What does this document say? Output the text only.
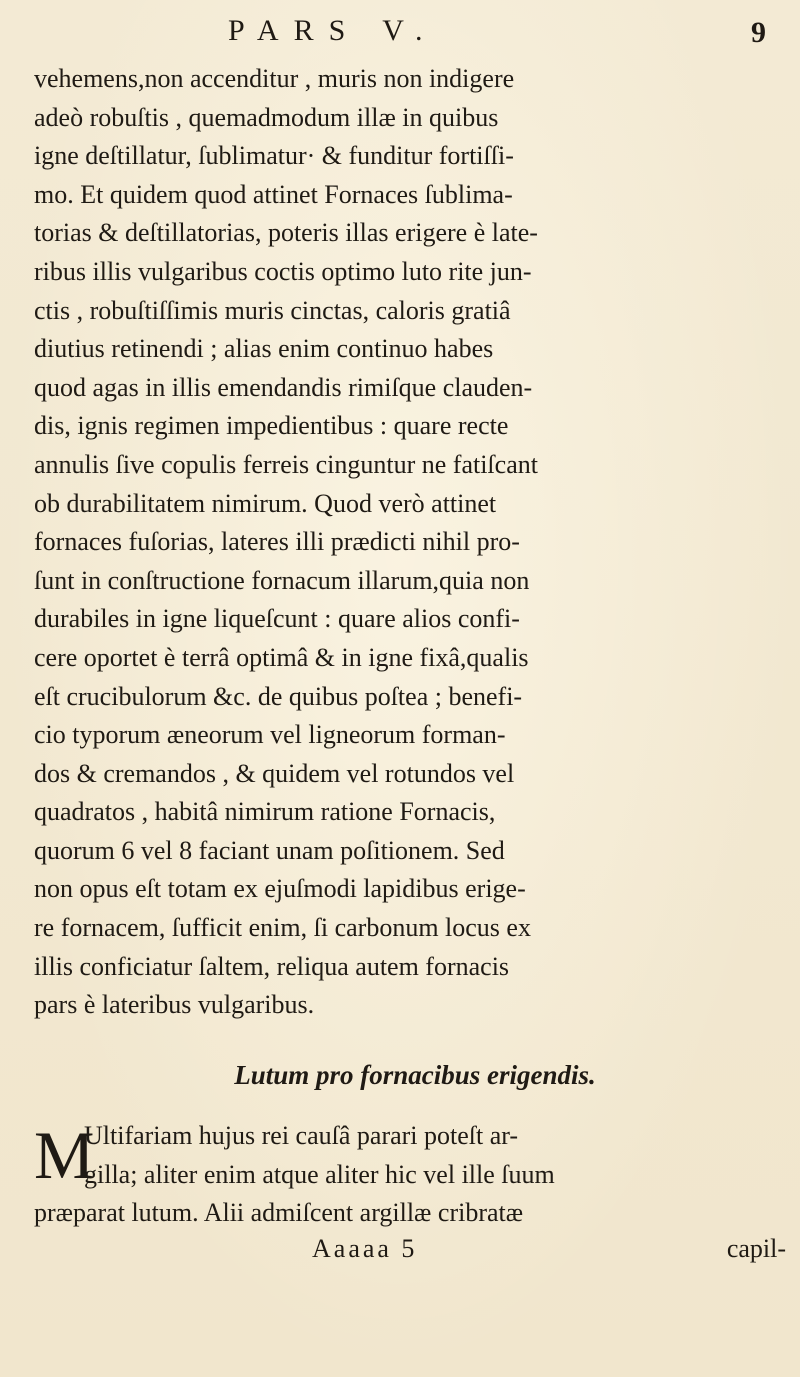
PARS V.	9
vehemens,non accenditur , muris non indigere
adeò robuſtis , quemadmodum illæ in quibus
igne deſtillatur, ſublimatur· & funditur fortiſſi-
mo. Et quidem quod attinet Fornaces ſublima-
torias & deſtillatorias, poteris illas erigere è late-
ribus illis vulgaribus coctis optimo luto rite jun-
ctis , robuſtiſſimis muris cinctas, caloris gratiâ
diutius retinendi ; alias enim continuo habes
quod agas in illis emendandis rimiſque clauden-
dis, ignis regimen impedientibus : quare recte
annulis ſive copulis ferreis cinguntur ne fatiſcant
ob durabilitatem nimirum. Quod verò attinet
fornaces fuſorias, lateres illi prædicti nihil pro-
ſunt in conſtructione fornacum illarum,quia non
durabiles in igne liqueſcunt : quare alios confi-
cere oportet è terrâ optimâ & in igne fixâ,qualis
eſt crucibulorum &c. de quibus poſtea ; benefi-
cio typorum æneorum vel ligneorum forman-
dos & cremandos , & quidem vel rotundos vel
quadratos , habitâ nimirum ratione Fornacis,
quorum 6 vel 8 faciant unam poſitionem. Sed
non opus eſt totam ex ejuſmodi lapidibus erige-
re fornacem, ſufficit enim, ſi carbonum locus ex
illis conficiatur ſaltem, reliqua autem fornacis
pars è lateribus vulgaribus.
Lutum pro fornacibus erigendis.
M
Ultifariam hujus rei cauſâ parari poteſt ar-
gilla; aliter enim atque aliter hic vel ille ſuum
præparat lutum. Alii admiſcent argillæ cribratæ
Aaaaa 5	capil-
